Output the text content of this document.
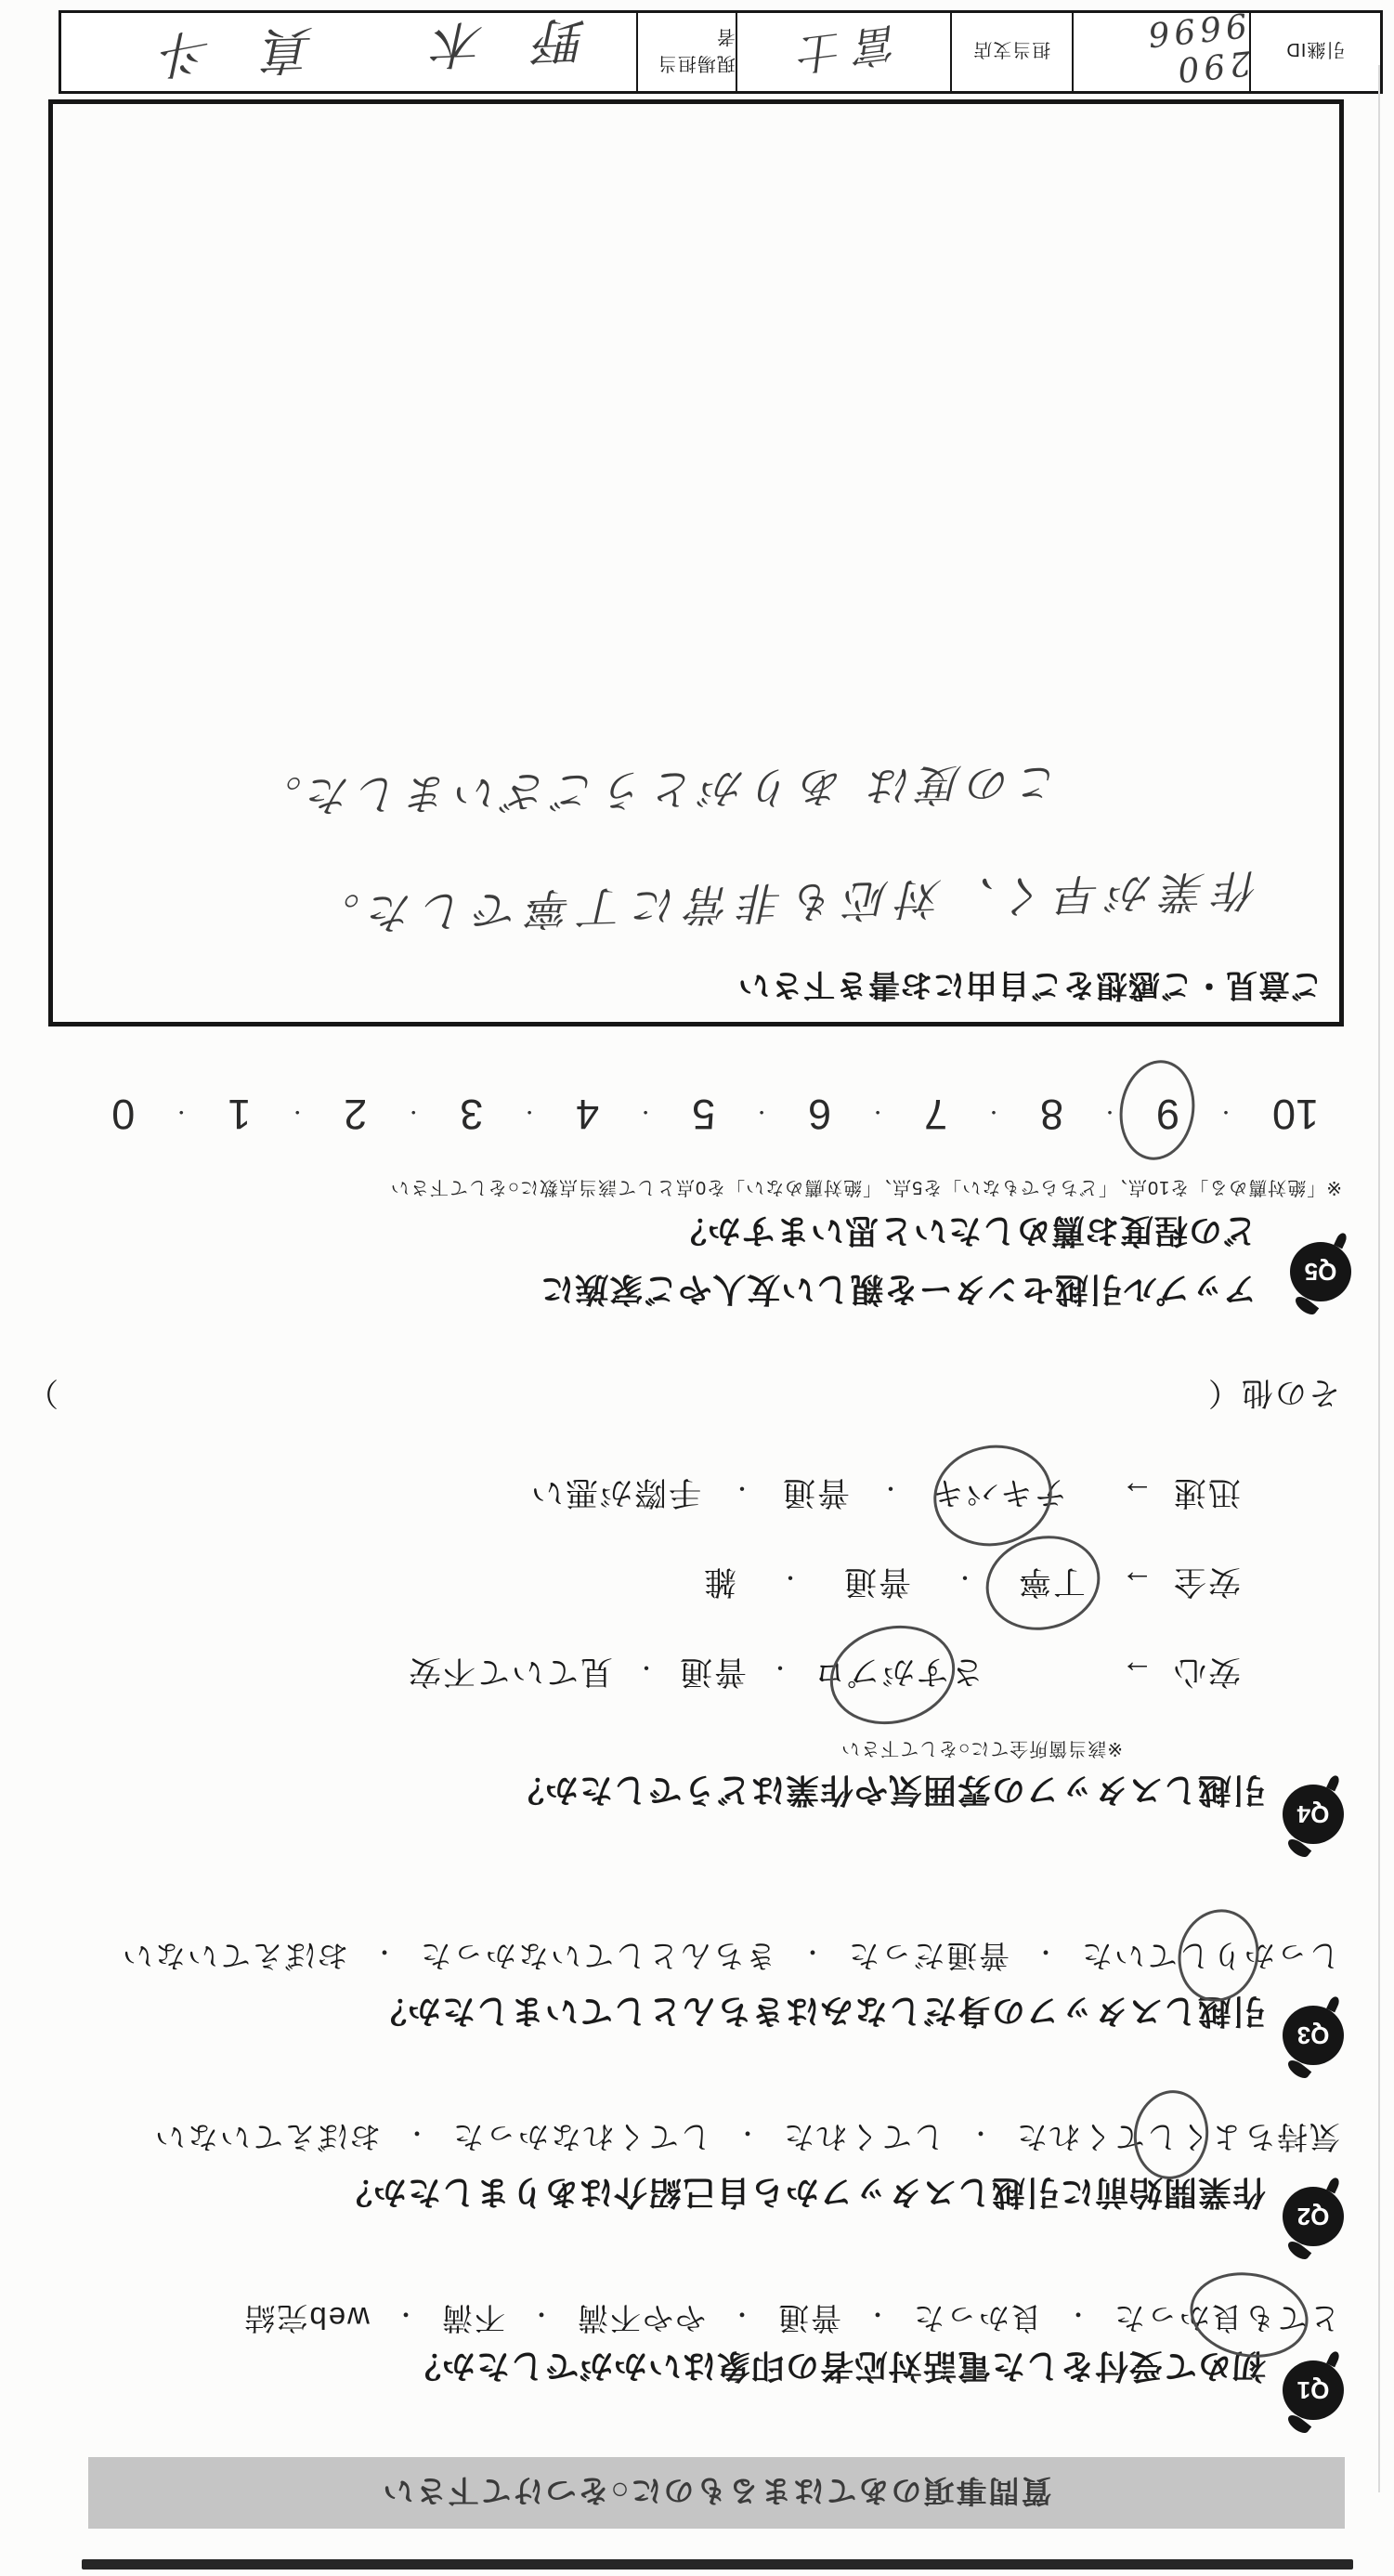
質問事項のあてはまるものに○をつけて下さい
Q1
初めて受付をした電話対応者の印象はいかがでしたか？
とても良かった
・良かった・普通・やや不満・不満・web完結
Q2
作業開始前に引越しスタッフから自己紹介はありましたか？
気持ちよくしてくれた
・してくれた・してくれなかった・おぼえていない
Q3
引越しスタッフの身だしなみはきちんとしていましたか？
しっかりしていた
・普通だった・きちんとしていなかった・おぼえていない
Q4
引越しスタッフの雰囲気や作業はどうでしたか？
※該当箇所全てに○をして下さい
安心→さすがプロ
・普通・見ていて不安
安全→丁寧
・普通・雑
迅速→テキパキ
・普通・手際が悪い
その他（
）
Q5
アップル引越センターを親しい友人やご家族に
どの程度お薦めしたいと思いますか？
※「絶対薦める」を10点、「どちらでもない」を5点、「絶対薦めない」を0点として該当点数に○をして下さい
10
・
9
・
8
・
7
・
6
・
5
・
4
・
3
・
2
・
1
・
0
ご意見・ご感想をご自由にお書き下さい
作業が早く、対応も非常に丁寧でした。
この度は ありがとうございました。
引継ID
290 9696
担当支店
富士
現場担当者
野木 真斗
